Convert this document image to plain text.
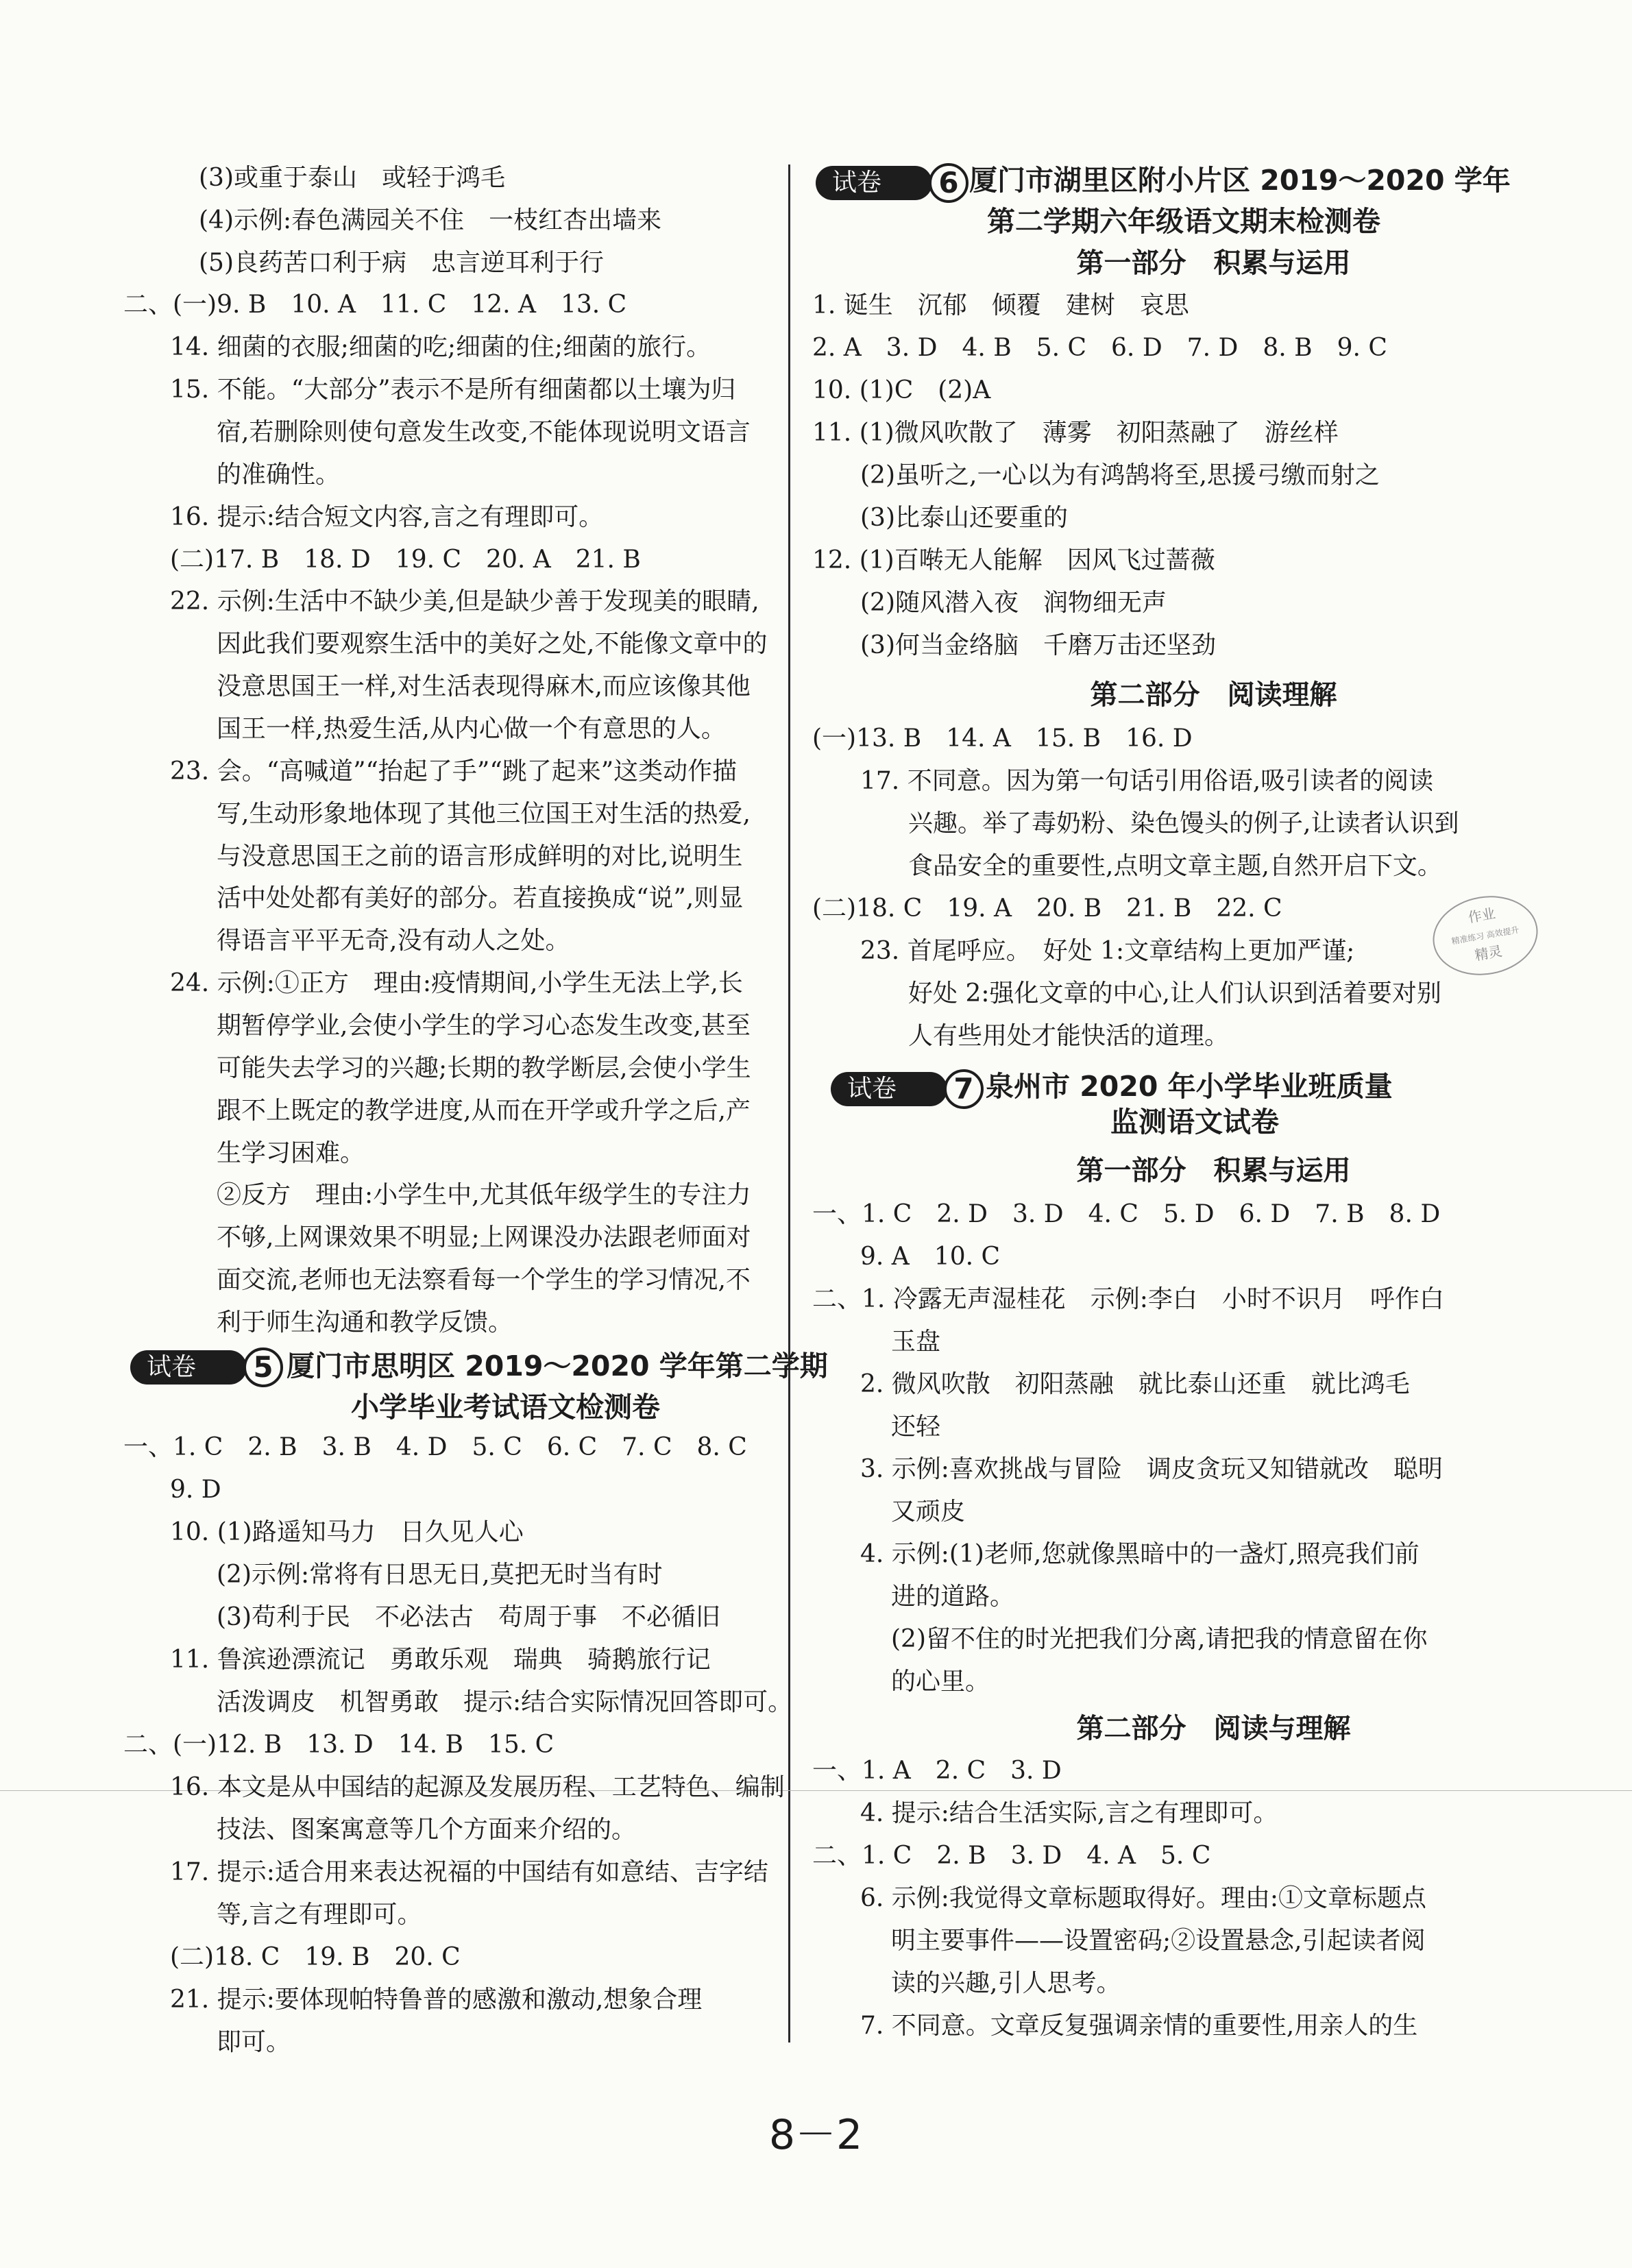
(3)或重于泰山　或轻于鸿毛
(4)示例:春色满园关不住　一枝红杏出墙来
(5)良药苦口利于病　忠言逆耳利于行
二、(一)9. B　10. A　11. C　12. A　13. C
14. 细菌的衣服;细菌的吃;细菌的住;细菌的旅行。
15. 不能。“大部分”表示不是所有细菌都以土壤为归
宿,若删除则使句意发生改变,不能体现说明文语言
的准确性。
16. 提示:结合短文内容,言之有理即可。
(二)17. B　18. D　19. C　20. A　21. B
22. 示例:生活中不缺少美,但是缺少善于发现美的眼睛,
因此我们要观察生活中的美好之处,不能像文章中的
没意思国王一样,对生活表现得麻木,而应该像其他
国王一样,热爱生活,从内心做一个有意思的人。
23. 会。“高喊道”“抬起了手”“跳了起来”这类动作描
写,生动形象地体现了其他三位国王对生活的热爱,
与没意思国王之前的语言形成鲜明的对比,说明生
活中处处都有美好的部分。若直接换成“说”,则显
得语言平平无奇,没有动人之处。
24. 示例:①正方　理由:疫情期间,小学生无法上学,长
期暂停学业,会使小学生的学习心态发生改变,甚至
可能失去学习的兴趣;长期的教学断层,会使小学生
跟不上既定的教学进度,从而在开学或升学之后,产
生学习困难。
②反方　理由:小学生中,尤其低年级学生的专注力
不够,上网课效果不明显;上网课没办法跟老师面对
面交流,老师也无法察看每一个学生的学习情况,不
利于师生沟通和教学反馈。
试卷	5 厦门市思明区 2019～2020 学年第二学期
小学毕业考试语文检测卷
一、1. C　2. B　3. B　4. D　5. C　6. C　7. C　8. C
9. D
10. (1)路遥知马力　日久见人心
(2)示例:常将有日思无日,莫把无时当有时
(3)苟利于民　不必法古　苟周于事　不必循旧
11. 鲁滨逊漂流记　勇敢乐观　瑞典　骑鹅旅行记
活泼调皮　机智勇敢　提示:结合实际情况回答即可。
二、(一)12. B　13. D　14. B　15. C
16. 本文是从中国结的起源及发展历程、工艺特色、编制
技法、图案寓意等几个方面来介绍的。
17. 提示:适合用来表达祝福的中国结有如意结、吉字结
等,言之有理即可。
(二)18. C　19. B　20. C
21. 提示:要体现帕特鲁普的感激和激动,想象合理
即可。
试卷	6 厦门市湖里区附小片区 2019～2020 学年
第二学期六年级语文期末检测卷
第一部分　积累与运用
1. 诞生　沉郁　倾覆　建树　哀思
2. A　3. D　4. B　5. C　6. D　7. D　8. B　9. C
10. (1)C　(2)A
11. (1)微风吹散了　薄雾　初阳蒸融了　游丝样
(2)虽听之,一心以为有鸿鹄将至,思援弓缴而射之
(3)比泰山还要重的
12. (1)百啭无人能解　因风飞过蔷薇
(2)随风潜入夜　润物细无声
(3)何当金络脑　千磨万击还坚劲
第二部分　阅读理解
(一)13. B　14. A　15. B　16. D
17. 不同意。因为第一句话引用俗语,吸引读者的阅读
兴趣。举了毒奶粉、染色馒头的例子,让读者认识到
食品安全的重要性,点明文章主题,自然开启下文。
(二)18. C　19. A　20. B　21. B　22. C
23. 首尾呼应。　好处 1:文章结构上更加严谨;
好处 2:强化文章的中心,让人们认识到活着要对别
人有些用处才能快活的道理。
试卷	7 泉州市 2020 年小学毕业班质量
监测语文试卷
第一部分　积累与运用
一、1. C　2. D　3. D　4. C　5. D　6. D　7. B　8. D
9. A　10. C
二、1. 冷露无声湿桂花　示例:李白　小时不识月　呼作白
玉盘
2. 微风吹散　初阳蒸融　就比泰山还重　就比鸿毛
还轻
3. 示例:喜欢挑战与冒险　调皮贪玩又知错就改　聪明
又顽皮
4. 示例:(1)老师,您就像黑暗中的一盏灯,照亮我们前
进的道路。
(2)留不住的时光把我们分离,请把我的情意留在你
的心里。
第二部分　阅读与理解
一、1. A　2. C　3. D
4. 提示:结合生活实际,言之有理即可。
二、1. C　2. B　3. D　4. A　5. C
6. 示例:我觉得文章标题取得好。理由:①文章标题点
明主要事件——设置密码;②设置悬念,引起读者阅
读的兴趣,引人思考。
7. 不同意。文章反复强调亲情的重要性,用亲人的生
作业
精准练习 高效提升
精灵
8－2
